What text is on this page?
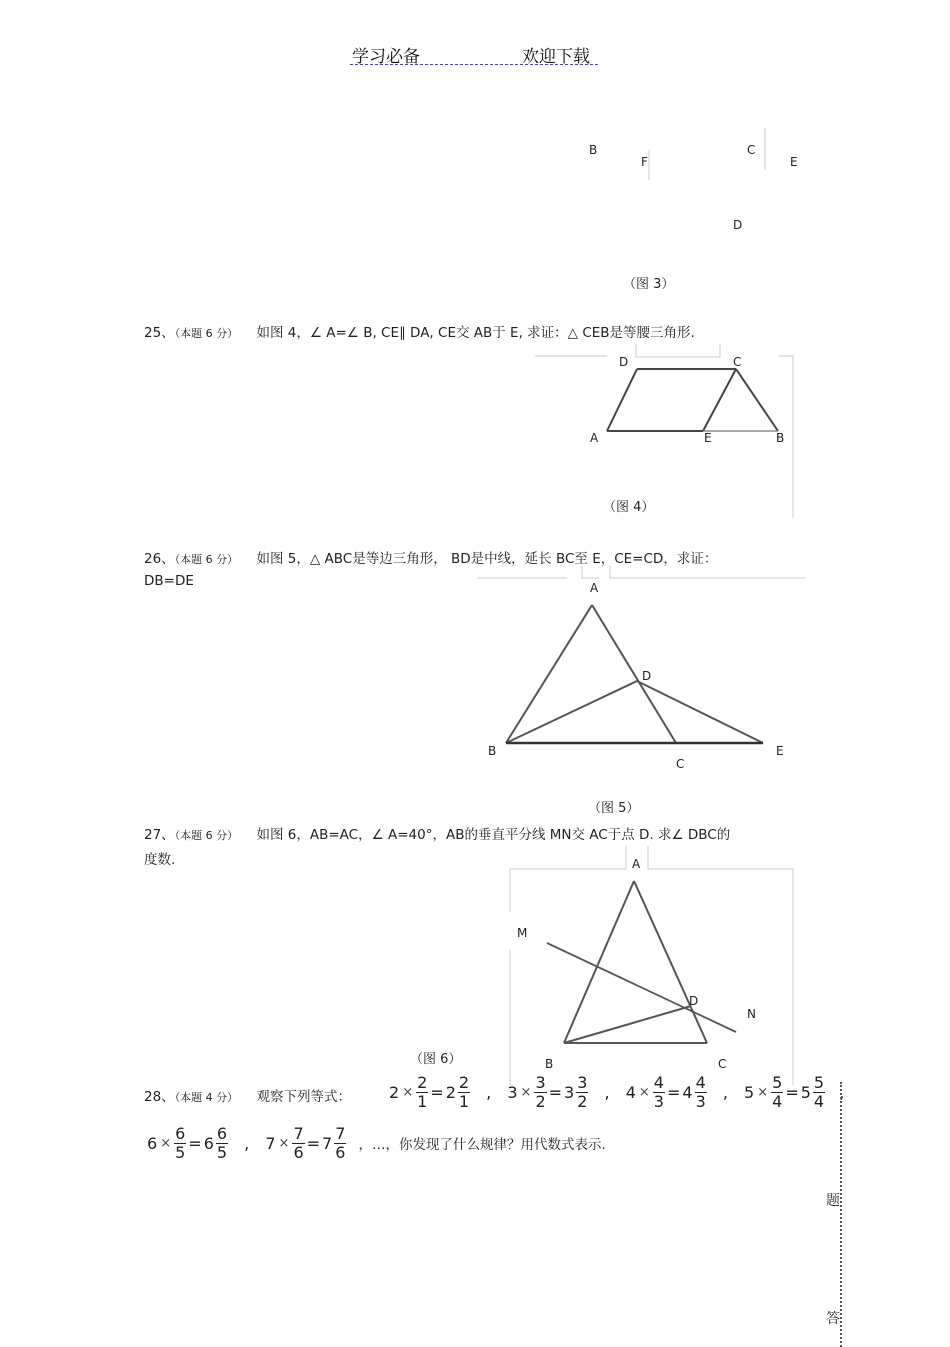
学习必备	欢迎下载
B
F
C
E
D
（图 3）
25、（本题 6 分） 如图 4，∠ A=∠ B, CE∥ DA, CE交 AB于 E, 求证：△ CEB是等腰三角形.
D	C
A	E	B
（图 4）
26、（本题 6 分） 如图 5，△ ABC是等边三角形， BD是中线，延长 BC至 E，CE=CD，求证：
DB=DE	A
D
B
C
E
（图 5）
27、（本题 6 分） 如图 6，AB=AC，∠ A=40°，AB的垂直平分线 MN交 AC于点 D. 求∠ DBC的
度数.	A
M
D
N
B	C
（图 6）
28、（本题 4 分） 观察下列等式： $2 \times \frac{2}{1} = 2 \frac{2}{1}$ , $3 \times \frac{3}{2} = 3 \frac{3}{2}$ , $4 \times \frac{4}{3} = 4 \frac{4}{3}$ , $5 \times \frac{5}{4} = 5 \frac{5}{4}$ ,
$6 \times \frac{6}{5} = 6 \frac{6}{5}$ , $7 \times \frac{7}{6} = 7 \frac{7}{6}$ ，…，你发现了什么规律？用代数式表示.
题
答
